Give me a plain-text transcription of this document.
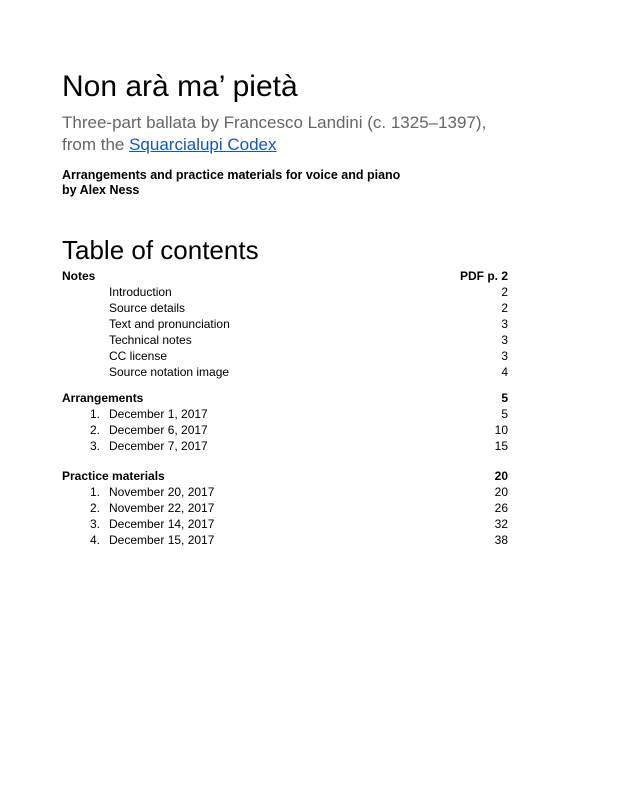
Non arà ma’ pietà
Three-part ballata by Francesco Landini (c. 1325–1397),
from the Squarcialupi Codex
Arrangements and practice materials for voice and piano
by Alex Ness
Table of contents
Notes	PDF p. 2
Introduction	2
Source details	2
Text and pronunciation	3
Technical notes	3
CC license	3
Source notation image	4
Arrangements	5
1. December 1, 2017	5
2. December 6, 2017	10
3. December 7, 2017	15
Practice materials	20
1. November 20, 2017	20
2. November 22, 2017	26
3. December 14, 2017	32
4. December 15, 2017	38
